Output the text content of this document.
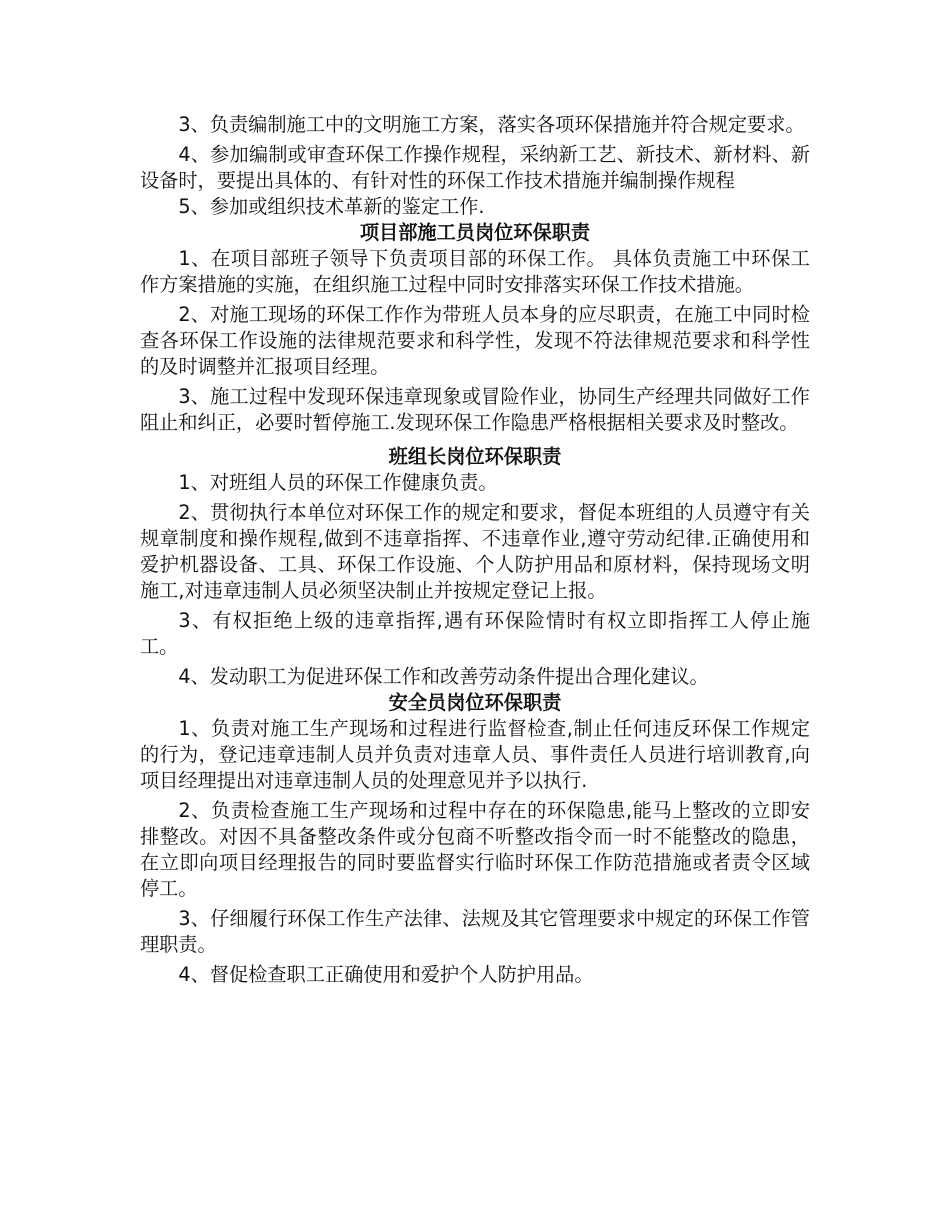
3、负责编制施工中的文明施工方案，落实各项环保措施并符合规定要求。

4、参加编制或审查环保工作操作规程，采纳新工艺、新技术、新材料、新设备时，要提出具体的、有针对性的环保工作技术措施并编制操作规程

5、参加或组织技术革新的鉴定工作.

项目部施工员岗位环保职责

1、在项目部班子领导下负责项目部的环保工作。 具体负责施工中环保工作方案措施的实施，在组织施工过程中同时安排落实环保工作技术措施。

2、对施工现场的环保工作作为带班人员本身的应尽职责，在施工中同时检查各环保工作设施的法律规范要求和科学性，发现不符法律规范要求和科学性的及时调整并汇报项目经理。

3、施工过程中发现环保违章现象或冒险作业，协同生产经理共同做好工作阻止和纠正，必要时暂停施工.发现环保工作隐患严格根据相关要求及时整改。

班组长岗位环保职责

1、对班组人员的环保工作健康负责。

2、贯彻执行本单位对环保工作的规定和要求，督促本班组的人员遵守有关规章制度和操作规程,做到不违章指挥、不违章作业,遵守劳动纪律.正确使用和爱护机器设备、工具、环保工作设施、个人防护用品和原材料，保持现场文明施工,对违章违制人员必须坚决制止并按规定登记上报。

3、有权拒绝上级的违章指挥,遇有环保险情时有权立即指挥工人停止施工。

4、发动职工为促进环保工作和改善劳动条件提出合理化建议。

安全员岗位环保职责

1、负责对施工生产现场和过程进行监督检查,制止任何违反环保工作规定的行为，登记违章违制人员并负责对违章人员、事件责任人员进行培训教育,向项目经理提出对违章违制人员的处理意见并予以执行.

2、负责检查施工生产现场和过程中存在的环保隐患,能马上整改的立即安排整改。对因不具备整改条件或分包商不听整改指令而一时不能整改的隐患，在立即向项目经理报告的同时要监督实行临时环保工作防范措施或者责令区域停工。

3、仔细履行环保工作生产法律、法规及其它管理要求中规定的环保工作管理职责。

4、督促检查职工正确使用和爱护个人防护用品。
